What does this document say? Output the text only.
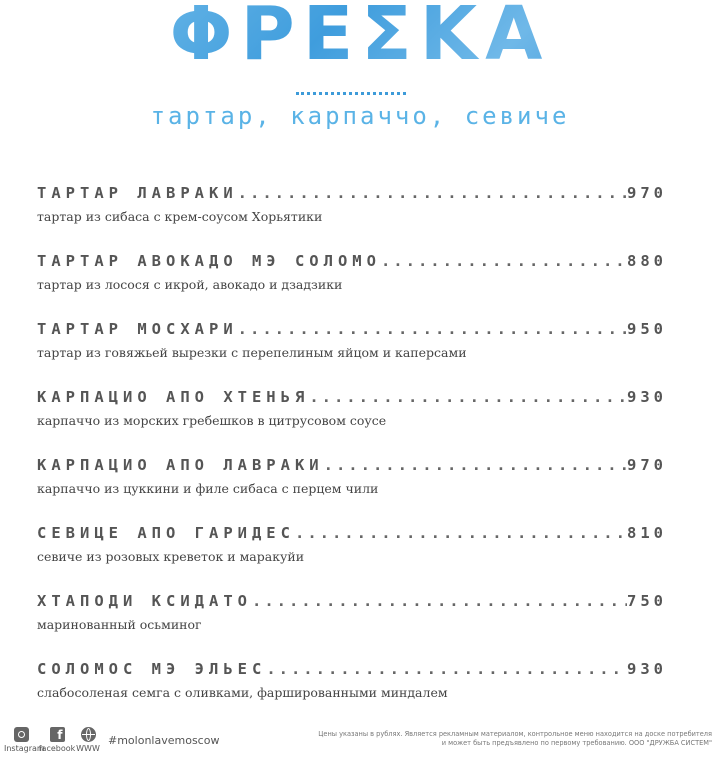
ΦΡΕΣΚΑ
тартар, карпаччо, севиче
ТАРТАР ЛАВРАКИ .....	970
тартар из сибаса с крем-соусом Хорьятики
ТАРТАР АВОКАДО МЭ СОЛОМО .....	880
тартар из лосося с икрой, авокадо и дзадзики
ТАРТАР МОСХАРИ .....	950
тартар из говяжьей вырезки с перепелиным яйцом и каперсами
КАРПАЦИО АПО ХТЕНЬЯ .....	930
карпаччо из морских гребешков в цитрусовом соусе
КАРПАЦИО АПО ЛАВРАКИ .....	970
карпаччо из цуккини и филе сибаса с перцем чили
СЕВИЦЕ АПО ГАРИДЕС .....	810
севиче из розовых креветок и маракуйи
ХТАПОДИ КСИДАТО .....	750
маринованный осьминог
СОЛОМОС МЭ ЭЛЬЕС .....	930
слабосоленая семга с оливками, фаршированными миндалем
Instagram
f
facebook WWW
#molonlavemoscow	Цены указаны в рублях. Является рекламным материалом, контрольное меню находится на доске потребителя
и может быть предъявлено по первому требованию. ООО "ДРУЖБА СИСТЕМ"
